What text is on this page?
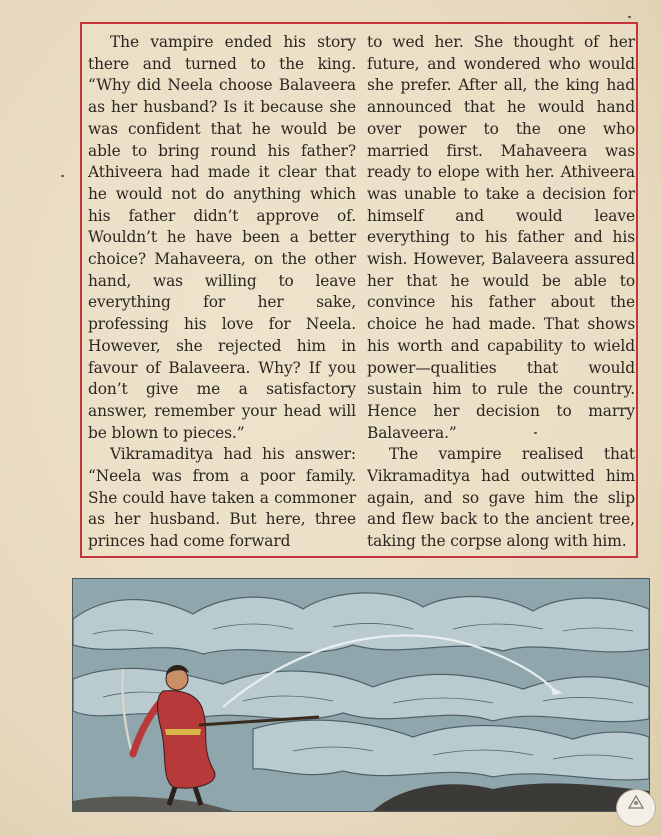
The vampire ended his story there and turned to the king. “Why did Neela choose Balaveera as her husband? Is it because she was confident that he would be able to bring round his father? Athiveera had made it clear that he would not do anything which his father didn’t approve of. Wouldn’t he have been a better choice? Mahaveera, on the other hand, was willing to leave everything for her sake, professing his love for Neela. However, she rejected him in favour of Balaveera. Why? If you don’t give me a satisfactory answer, remember your head will be blown to pieces.”

Vikramaditya had his answer: “Neela was from a poor family. She could have taken a commoner as her husband. But here, three princes had come forward

to wed her. She thought of her future, and wondered who would she prefer. After all, the king had announced that he would hand over power to the one who married first. Mahaveera was ready to elope with her. Athiveera was unable to take a decision for himself and would leave everything to his father and his wish. However, Balaveera assured her that he would be able to convince his father about the choice he had made. That shows his worth and capability to wield power—qualities that would sustain him to rule the country. Hence her decision to marry Balaveera.”

The vampire realised that Vikramaditya had outwitted him again, and so gave him the slip and flew back to the ancient tree, taking the corpse along with him.
